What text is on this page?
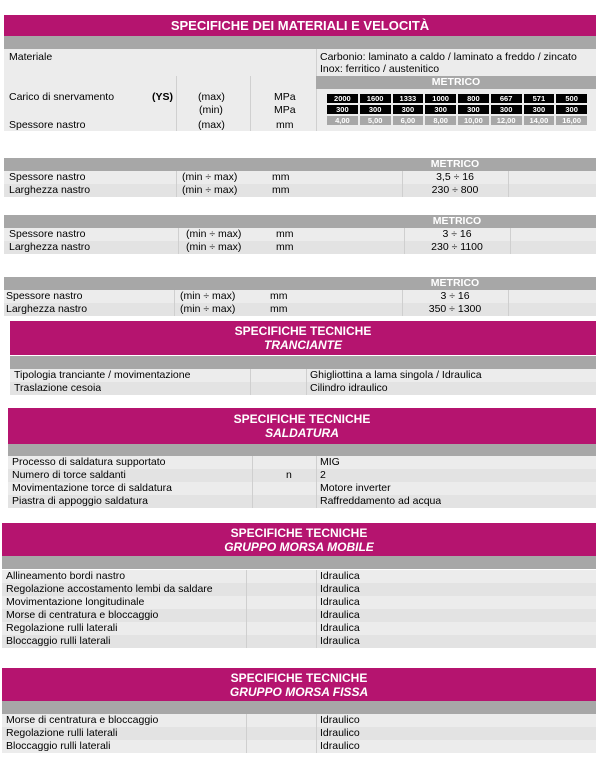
SPECIFICHE DEI MATERIALI E VELOCITÀ
Materiale	Carbonio: laminato a caldo / laminato a freddo / zincato
Inox: ferritico / austenitico
Carico di snervamento	(YS) (max)	MPa
(min)	MPa
Spessore nastro	(max)	mm
METRICO
2000	1600	1333	1000	800	667	571	500
300	300	300	300	300	300	300	300
4,00	5,00	6,00	8,00	10,00	12,00	14,00	16,00
METRICO
Spessore nastro	(min ÷ max)	mm	3,5 ÷ 16
Larghezza nastro	(min ÷ max)	mm	230 ÷ 800
METRICO
Spessore nastro	(min ÷ max)	mm	3 ÷ 16
Larghezza nastro	(min ÷ max)	mm	230 ÷ 1100
METRICO
Spessore nastro	(min ÷ max)	mm	3 ÷ 16
Larghezza nastro	(min ÷ max)	mm	350 ÷ 1300
SPECIFICHE TECNICHE
TRANCIANTE
Tipologia tranciante / movimentazione	Ghigliottina a lama singola / Idraulica
Traslazione cesoia	Cilindro idraulico
SPECIFICHE TECNICHE
SALDATURA
Processo di saldatura supportato	MIG
Numero di torce saldanti	n	2
Movimentazione torce di saldatura	Motore inverter
Piastra di appoggio saldatura	Raffreddamento ad acqua
SPECIFICHE TECNICHE
GRUPPO MORSA MOBILE
Allineamento bordi nastro	Idraulica
Regolazione accostamento lembi da saldare	Idraulica
Movimentazione longitudinale	Idraulica
Morse di centratura e bloccaggio	Idraulica
Regolazione rulli laterali	Idraulica
Bloccaggio rulli laterali	Idraulica
SPECIFICHE TECNICHE
GRUPPO MORSA FISSA
Morse di centratura e bloccaggio	Idraulico
Regolazione rulli laterali	Idraulico
Bloccaggio rulli laterali	Idraulico
